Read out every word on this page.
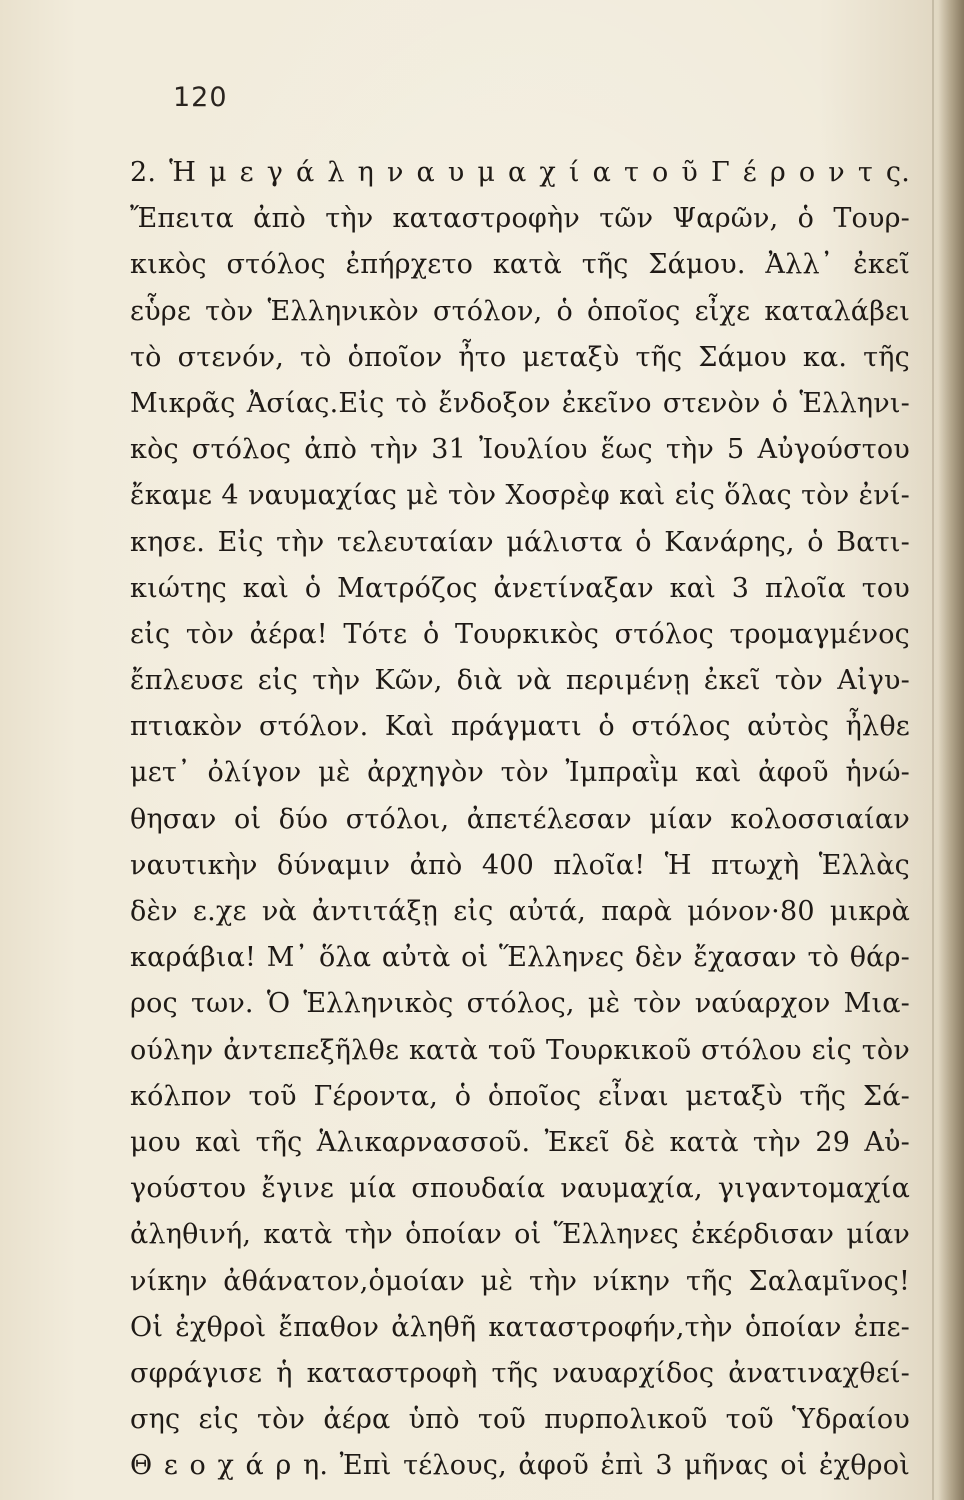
120
2. Ἡ μ ε γ ά λ η ν α υ μ α χ ί α τ ο ῦ Γ έ ρ ο ν τ ς.
Ἔπειτα ἀπὸ τὴν καταστροφὴν τῶν Ψαρῶν, ὁ Τουρ-
κικὸς στόλος ἐπήρχετο κατὰ τῆς Σάμου. Ἀλλ᾽ ἐκεῖ
εὗρε τὸν Ἑλληνικὸν στόλον, ὁ ὁποῖος εἶχε καταλάβει
τὸ στενόν, τὸ ὁποῖον ἦτο μεταξὺ τῆς Σάμου κα. τῆς
Μικρᾶς Ἀσίας.Εἰς τὸ ἔνδοξον ἐκεῖνο στενὸν ὁ Ἑλληνι-
κὸς στόλος ἀπὸ τὴν 31 Ἰουλίου ἕως τὴν 5 Αὐγούστου
ἔκαμε 4 ναυμαχίας μὲ τὸν Χοσρὲφ καὶ εἰς ὅλας τὸν ἐνί-
κησε. Εἰς τὴν τελευταίαν μάλιστα ὁ Κανάρης, ὁ Βατι-
κιώτης καὶ ὁ Ματρόζος ἀνετίναξαν καὶ 3 πλοῖα του
εἰς τὸν ἀέρα! Τότε ὁ Τουρκικὸς στόλος τρομαγμένος
ἔπλευσε εἰς τὴν Κῶν, διὰ νὰ περιμένῃ ἐκεῖ τὸν Αἰγυ-
πτιακὸν στόλον. Καὶ πράγματι ὁ στόλος αὐτὸς ἦλθε
μετ᾽ ὀλίγον μὲ ἀρχηγὸν τὸν Ἰμπραῒμ καὶ ἀφοῦ ἡνώ-
θησαν οἱ δύο στόλοι, ἀπετέλεσαν μίαν κολοσσιαίαν
ναυτικὴν δύναμιν ἀπὸ 400 πλοῖα! Ἡ πτωχὴ Ἑλλὰς
δὲν ε.χε νὰ ἀντιτάξῃ εἰς αὐτά, παρὰ μόνον·80 μικρὰ
καράβια! Μ᾽ ὅλα αὐτὰ οἱ Ἕλληνες δὲν ἔχασαν τὸ θάρ-
ρος των. Ὁ Ἑλληνικὸς στόλος, μὲ τὸν ναύαρχον Μια-
ούλην ἀντεπεξῆλθε κατὰ τοῦ Τουρκικοῦ στόλου εἰς τὸν
κόλπον τοῦ Γέροντα, ὁ ὁποῖος εἶναι μεταξὺ τῆς Σά-
μου καὶ τῆς Ἁλικαρνασσοῦ. Ἐκεῖ δὲ κατὰ τὴν 29 Αὐ-
γούστου ἔγινε μία σπουδαία ναυμαχία, γιγαντομαχία
ἀληθινή, κατὰ τὴν ὁποίαν οἱ Ἕλληνες ἐκέρδισαν μίαν
νίκην ἀθάνατον,ὁμοίαν μὲ τὴν νίκην τῆς Σαλαμῖνος!
Οἱ ἐχθροὶ ἔπαθον ἀληθῆ καταστροφήν,τὴν ὁποίαν ἐπε-
σφράγισε ἡ καταστροφὴ τῆς ναυαρχίδος ἀνατιναχθεί-
σης εἰς τὸν ἀέρα ὑπὸ τοῦ πυρπολικοῦ τοῦ Ὑδραίου
Θ ε ο χ ά ρ η. Ἐπὶ τέλους, ἀφοῦ ἐπὶ 3 μῆνας οἱ ἐχθροὶ
